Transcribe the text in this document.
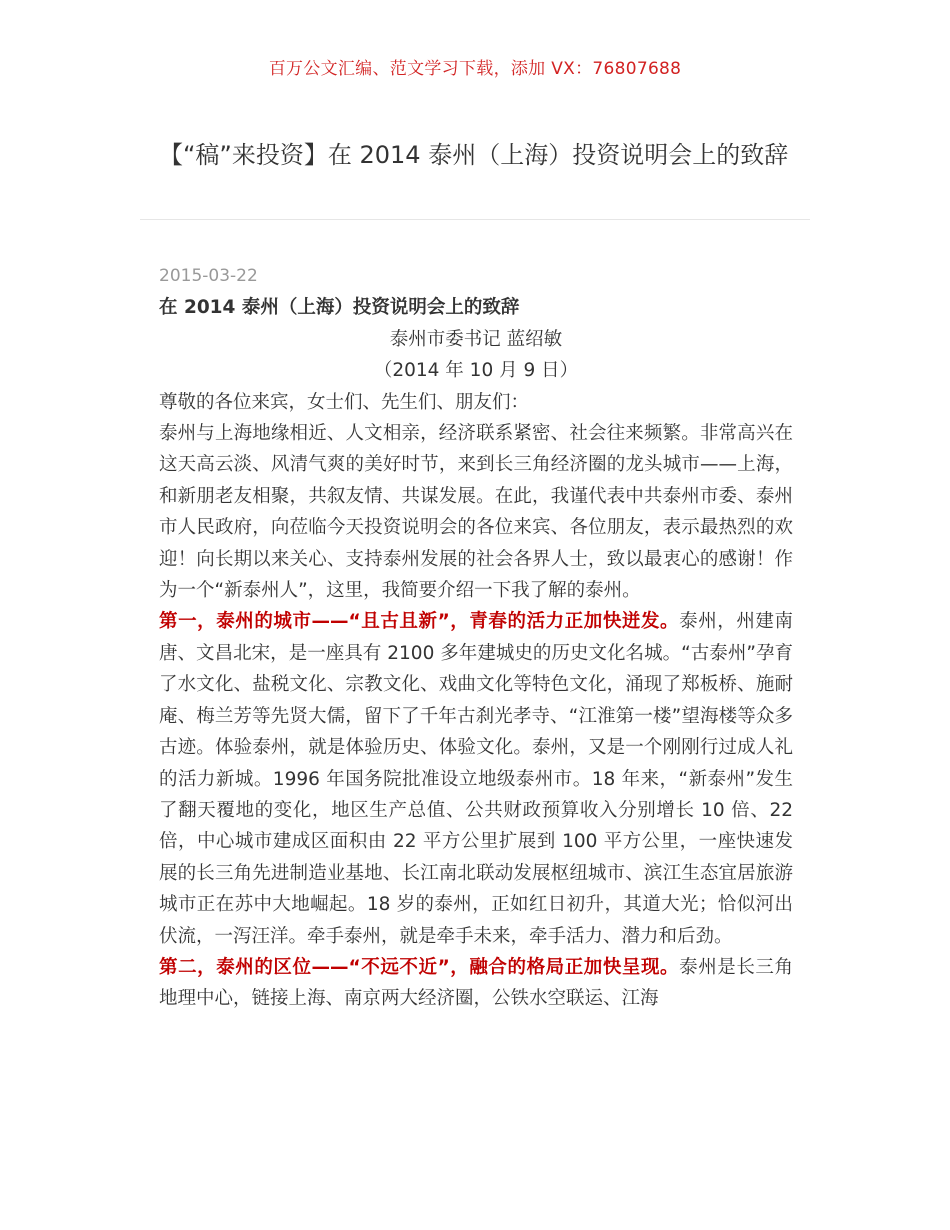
百万公文汇编、范文学习下载，添加 VX：76807688
【“稿”来投资】在 2014 泰州（上海）投资说明会上的致辞
2015-03-22
在 2014 泰州（上海）投资说明会上的致辞
泰州市委书记 蓝绍敏
（2014 年 10 月 9 日）
尊敬的各位来宾，女士们、先生们、朋友们：
泰州与上海地缘相近、人文相亲，经济联系紧密、社会往来频繁。非常高兴在这天高云淡、风清气爽的美好时节，来到长三角经济圈的龙头城市——上海，和新朋老友相聚，共叙友情、共谋发展。在此，我谨代表中共泰州市委、泰州市人民政府，向莅临今天投资说明会的各位来宾、各位朋友，表示最热烈的欢迎！向长期以来关心、支持泰州发展的社会各界人士，致以最衷心的感谢！作为一个“新泰州人”，这里，我简要介绍一下我了解的泰州。
第一，泰州的城市——“且古且新”，青春的活力正加快迸发。泰州，州建南唐、文昌北宋，是一座具有 2100 多年建城史的历史文化名城。“古泰州”孕育了水文化、盐税文化、宗教文化、戏曲文化等特色文化，涌现了郑板桥、施耐庵、梅兰芳等先贤大儒，留下了千年古刹光孝寺、“江淮第一楼”望海楼等众多古迹。体验泰州，就是体验历史、体验文化。泰州，又是一个刚刚行过成人礼的活力新城。1996 年国务院批准设立地级泰州市。18 年来，“新泰州”发生了翻天覆地的变化，地区生产总值、公共财政预算收入分别增长 10 倍、22 倍，中心城市建成区面积由 22 平方公里扩展到 100 平方公里，一座快速发展的长三角先进制造业基地、长江南北联动发展枢纽城市、滨江生态宜居旅游城市正在苏中大地崛起。18 岁的泰州，正如红日初升，其道大光；恰似河出伏流，一泻汪洋。牵手泰州，就是牵手未来，牵手活力、潜力和后劲。
第二，泰州的区位——“不远不近”，融合的格局正加快呈现。泰州是长三角地理中心，链接上海、南京两大经济圈，公铁水空联运、江海
